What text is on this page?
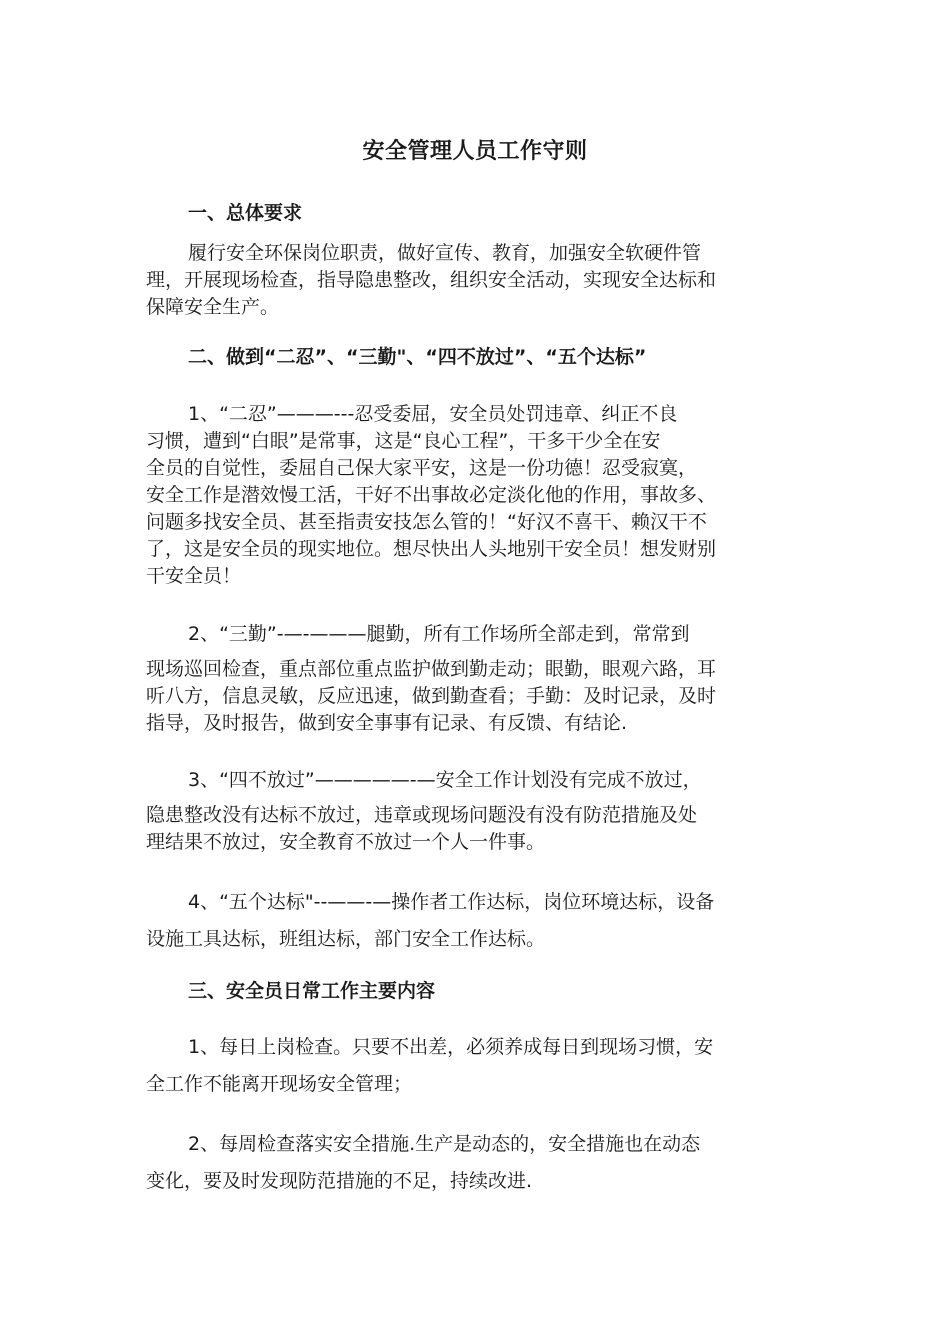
安全管理人员工作守则
一、总体要求
履行安全环保岗位职责，做好宣传、教育，加强安全软硬件管
理，开展现场检查，指导隐患整改，组织安全活动，实现安全达标和
保障安全生产。
二、做到“二忍”、“三勤"、“四不放过”、“五个达标”
1、“二忍”———---忍受委屈，安全员处罚违章、纠正不良
习惯，遭到“白眼”是常事，这是“良心工程”，干多干少全在安
全员的自觉性，委屈自己保大家平安，这是一份功德！忍受寂寞，
安全工作是潜效慢工活，干好不出事故必定淡化他的作用，事故多、
问题多找安全员、甚至指责安技怎么管的！“好汉不喜干、赖汉干不
了，这是安全员的现实地位。想尽快出人头地别干安全员！想发财别
干安全员！
2、“三勤”-—-———腿勤，所有工作场所全部走到，常常到
现场巡回检查，重点部位重点监护做到勤走动；眼勤，眼观六路，耳
听八方，信息灵敏，反应迅速，做到勤查看；手勤：及时记录，及时
指导，及时报告，做到安全事事有记录、有反馈、有结论.
3、“四不放过”—————-—安全工作计划没有完成不放过，
隐患整改没有达标不放过，违章或现场问题没有没有防范措施及处
理结果不放过，安全教育不放过一个人一件事。
4、“五个达标"--——-—操作者工作达标，岗位环境达标，设备
设施工具达标，班组达标，部门安全工作达标。
三、安全员日常工作主要内容
1、每日上岗检查。只要不出差，必须养成每日到现场习惯，安
全工作不能离开现场安全管理；
2、每周检查落实安全措施.生产是动态的，安全措施也在动态
变化，要及时发现防范措施的不足，持续改进.
